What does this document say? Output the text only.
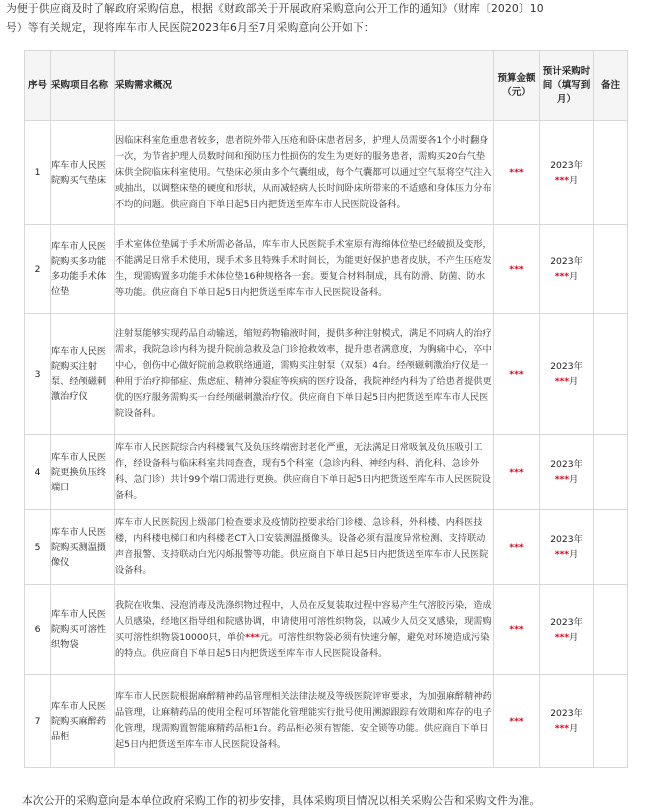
为便于供应商及时了解政府采购信息，根据《财政部关于开展政府采购意向公开工作的通知》（财库〔2020〕10
号）等有关规定，现将库车市人民医院2023年6月至7月采购意向公开如下：
序号	采购项目名称	采购需求概况	预算金额（元）	预计采购时间（填写到月）	备注
1	库车市人民医院购买气垫床	因临床科室危重患者较多，患者院外带入压疮和卧床患者居多，护理人员需要各1个小时翻身一次，为节省护理人员数时间和预防压力性损伤的发生为更好的服务患者，需购买20台气垫床供全院临床科室使用。气垫床必须由多个气囊组成，每个气囊都可以通过空气泵将空气注入或抽出，以调整床垫的硬度和形状，从而减轻病人长时间卧床所带来的不适感和身体压力分布不均的问题。供应商自下单日起5日内把货送至库车市人民医院设备科。	***	2023年
***月	
2	库车市人民医院购买多功能多功能手术体位垫	手术室体位垫属于手术所需必备品，库车市人民医院手术室原有海绵体位垫已经破损及变形，不能满足日常手术使用，现手术多且特殊手术时间长，为能更好保护患者皮肤，不产生压疮发生，现需购置多功能手术体位垫16种规格各一套。要复合材料制成，具有防滑、防菌、防水等功能。供应商自下单日起5日内把货送至库车市人民医院设备科。	***	2023年
***月	
3	库车市人民医院购买注射泵、经颅磁刺激治疗仪	注射泵能够实现药品自动输送，缩短药物输液时间，提供多种注射模式，满足不同病人的治疗需求，我院急诊内科为提升院前急救及急门诊抢救效率，提升患者满意度，为胸痛中心，卒中中心，创伤中心做好院前急救联络通道，需购买注射泵（双泵）4台。经颅磁刺激治疗仪是一种用于治疗抑郁症、焦虑症、精神分裂症等疾病的医疗设备，我院神经内科为了给患者提供更优的医疗服务需购买一台经颅磁刺激治疗仪。供应商自下单日起5日内把货送至库车市人民医院设备科。	***	2023年
***月	
4	库车市人民医院更换负压终端口	库车市人民医院综合内科楼氧气及负压终端密封老化严重，无法满足日常吸氧及负压吸引工作，经设备科与临床科室共同查查，现有5个科室（急诊内科、神经内科、消化科、急诊外科、急门诊）共计99个端口需进行更换。供应商自下单日起5日内把货送至库车市人民医院设备科。	***	2023年
***月	
5	库车市人民医院购买测温摄像仪	库车市人民医院因上级部门检查要求及疫情防控要求给门诊楼、急诊科，外科楼、内科医技楼，内科楼电梯口和内科楼老CT入口安装测温摄像头。设备必须有温度异常检测、支持联动声音报警、支持联动白光闪烁报警等功能。供应商自下单日起5日内把货送至库车市人民医院设备科。	***	2023年
***月	
6	库车市人民医院购买可溶性织物袋	我院在收集、浸泡消毒及洗涤织物过程中，人员在反复装取过程中容易产生气溶胶污染，造成人员感染，经地区指导组和院感协调，申请使用可溶性织物袋，以减少人员交叉感染，现需购买可溶性织物袋10000只，单价***元。可溶性织物袋必须有快速分解，避免对环境造成污染的特点。供应商自下单日起5日内把货送至库车市人民医院设备科。	***	2023年
***月	
7	库车市人民医院购买麻醉药品柜	库车市人民医院根据麻醉精神药品管理相关法律法规及等级医院评审要求，为加强麻醉精神药品管理，让麻精药品的使用全程可环智能化管理能实行批号使用溯源跟踪有效期和库存的电子化管理，现需购置智能麻精药品柜1台。药品柜必须有智能、安全锁等功能。供应商自下单日起5日内把货送至库车市人民医院设备科。	***	2023年
***月	
本次公开的采购意向是本单位政府采购工作的初步安排，具体采购项目情况以相关采购公告和采购文件为准。
